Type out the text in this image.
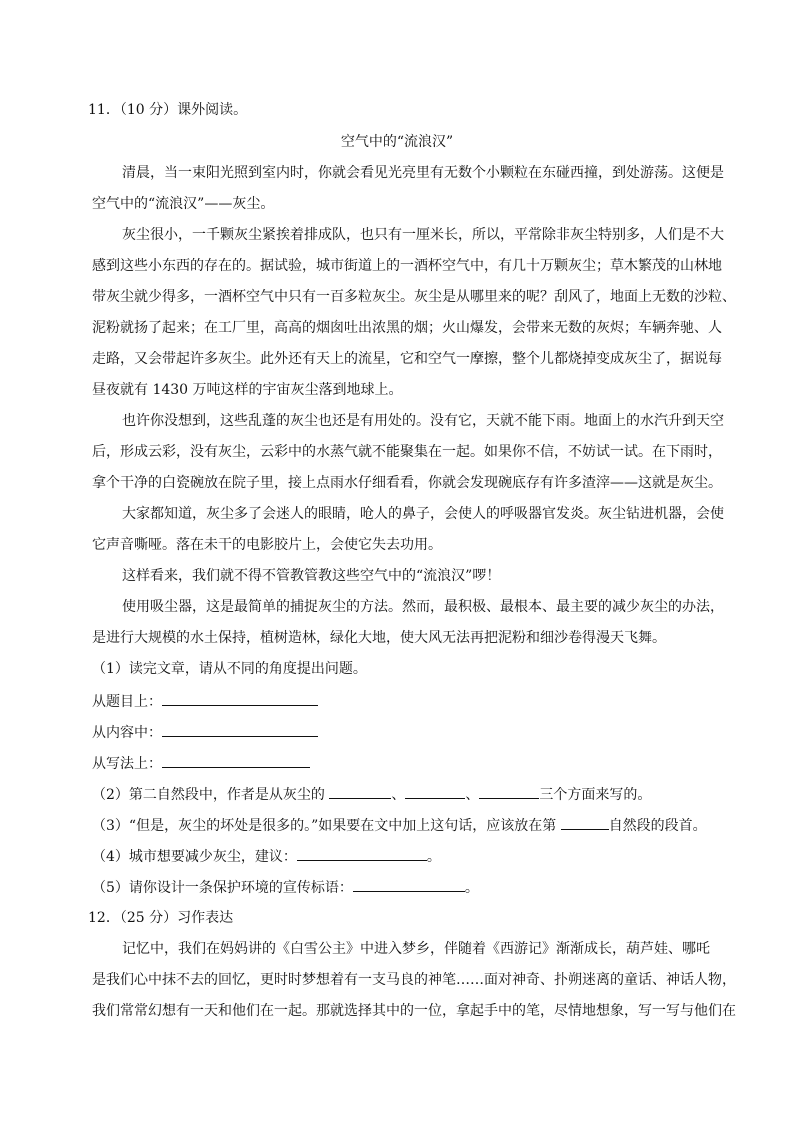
11．（10 分）课外阅读。
空气中的“流浪汉”
清晨，当一束阳光照到室内时，你就会看见光亮里有无数个小颗粒在东碰西撞，到处游荡。这便是
空气中的“流浪汉”——灰尘。
灰尘很小，一千颗灰尘紧挨着排成队，也只有一厘米长，所以，平常除非灰尘特别多，人们是不大
感到这些小东西的存在的。据试验，城市街道上的一酒杯空气中，有几十万颗灰尘；草木繁茂的山林地
带灰尘就少得多，一酒杯空气中只有一百多粒灰尘。灰尘是从哪里来的呢？刮风了，地面上无数的沙粒、
泥粉就扬了起来；在工厂里，高高的烟囱吐出浓黑的烟；火山爆发，会带来无数的灰烬；车辆奔驰、人
走路，又会带起许多灰尘。此外还有天上的流星，它和空气一摩擦，整个儿都烧掉变成灰尘了，据说每
昼夜就有 1430 万吨这样的宇宙灰尘落到地球上。
也许你没想到，这些乱蓬的灰尘也还是有用处的。没有它，天就不能下雨。地面上的水汽升到天空
后，形成云彩，没有灰尘，云彩中的水蒸气就不能聚集在一起。如果你不信，不妨试一试。在下雨时，
拿个干净的白瓷碗放在院子里，接上点雨水仔细看看，你就会发现碗底存有许多渣滓——这就是灰尘。
大家都知道，灰尘多了会迷人的眼睛，呛人的鼻子，会使人的呼吸器官发炎。灰尘钻进机器，会使
它声音嘶哑。落在未干的电影胶片上，会使它失去功用。
这样看来，我们就不得不管教管教这些空气中的“流浪汉”啰！
使用吸尘器，这是最简单的捕捉灰尘的方法。然而，最积极、最根本、最主要的减少灰尘的办法，
是进行大规模的水土保持，植树造林，绿化大地，使大风无法再把泥粉和细沙卷得漫天飞舞。
（1）读完文章，请从不同的角度提出问题。
从题目上：
从内容中：
从写法上：
（2）第二自然段中，作者是从灰尘的	、	、	三个方面来写的。
（3）“但是，灰尘的坏处是很多的。”如果要在文中加上这句话，应该放在第	自然段的段首。
（4）城市想要减少灰尘，建议：	。
（5）请你设计一条保护环境的宣传标语：	。
12．（25 分）习作表达
记忆中，我们在妈妈讲的《白雪公主》中进入梦乡，伴随着《西游记》渐渐成长，葫芦娃、哪吒
是我们心中抹不去的回忆，更时时梦想着有一支马良的神笔……面对神奇、扑朔迷离的童话、神话人物，
我们常常幻想有一天和他们在一起。那就选择其中的一位，拿起手中的笔，尽情地想象，写一写与他们在
